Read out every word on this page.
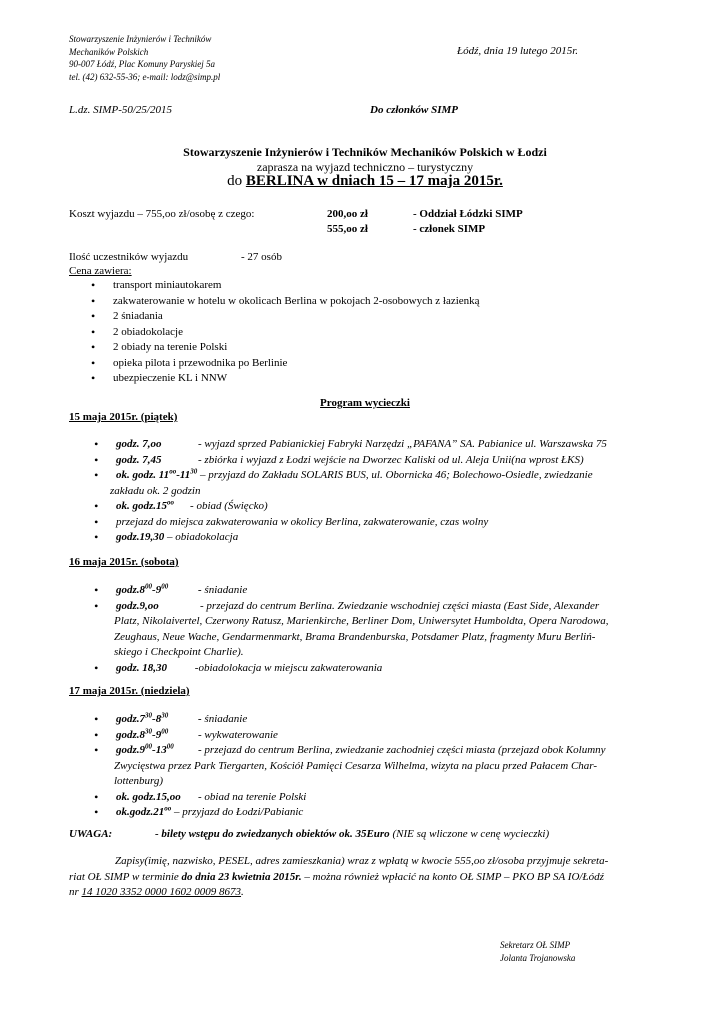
Stowarzyszenie Inżynierów i Techników
Mechaników Polskich
90-007 Łódź, Plac Komuny Paryskiej 5a
tel. (42) 632-55-36; e-mail: lodz@simp.pl
Łódź, dnia 19 lutego 2015r.
L.dz. SIMP-50/25/2015	Do członków SIMP
Stowarzyszenie Inżynierów i Techników Mechaników Polskich w Łodzi
zaprasza na wyjazd techniczno – turystyczny
do BERLINA w dniach 15 – 17 maja 2015r.
Koszt wyjazdu – 755,oo zł/osobę z czego:	200,oo zł	- Oddział Łódzki SIMP
555,oo zł	- członek SIMP
Ilość uczestników wyjazdu	- 27 osób
Cena zawiera:
• transport miniautokarem
• zakwaterowanie w hotelu w okolicach Berlina w pokojach 2-osobowych z łazienką
• 2 śniadania
• 2 obiadokolacje
• 2 obiady na terenie Polski
• opieka pilota i przewodnika po Berlinie
• ubezpieczenie KL i NNW
Program wycieczki
15 maja 2015r. (piątek)
• godz. 7,oo	- wyjazd sprzed Pabianickiej Fabryki Narzędzi „PAFANA” SA. Pabianice ul. Warszawska 75
• godz. 7,45	- zbiórka i wyjazd z Łodzi wejście na Dworzec Kaliski od ul. Aleja Unii(na wprost ŁKS)
• ok. godz. $11^{oo}-11^{30}$ – przyjazd do Zakładu SOLARIS BUS, ul. Obornicka 46; Bolechowo-Osiedle, zwiedzanie
zakładu ok. 2 godzin
• ok. $godz.15^{oo}$ - obiad (Święcko)
• przejazd do miejsca zakwaterowania w okolicy Berlina, zakwaterowanie, czas wolny
• godz.19,30 – obiadokolacja
16 maja 2015r. (sobota)
• $godz.8^{00}-9^{00}$	- śniadanie
• godz.9,oo	- przejazd do centrum Berlina. Zwiedzanie wschodniej części miasta (East Side, Alexander
Platz, Nikolaivertel, Czerwony Ratusz, Marienkirche, Berliner Dom, Uniwersytet Humboldta, Opera Narodowa,
Zeughaus, Neue Wache, Gendarmenmarkt, Brama Brandenburska, Potsdamer Platz, fragmenty Muru Berliń-
skiego i Checkpoint Charlie).
• godz. 18,30	-obiadolokacja w miejscu zakwaterowania
17 maja 2015r. (niedziela)
• $godz.7^{30}-8^{30}$	- śniadanie
• $godz.8^{30}-9^{00}$	- wykwaterowanie
• $godz.9^{00}-13^{00}$ - przejazd do centrum Berlina, zwiedzanie zachodniej części miasta (przejazd obok Kolumny
Zwycięstwa przez Park Tiergarten, Kościół Pamięci Cesarza Wilhelma, wizyta na placu przed Pałacem Char-
lottenburg)
• ok. godz.15,oo - obiad na terenie Polski
• $ok.godz.21^{oo}$ – przyjazd do Łodzi/Pabianic
UWAGA:	- bilety wstępu do zwiedzanych obiektów ok. 35Euro (NIE są wliczone w cenę wycieczki)
Zapisy(imię, nazwisko, PESEL, adres zamieszkania) wraz z wpłatą w kwocie 555,oo zł/osoba przyjmuje sekreta-
riat OŁ SIMP w terminie do dnia 23 kwietnia 2015r. – można również wpłacić na konto OŁ SIMP – PKO BP SA IO/Łódź
nr 14 1020 3352 0000 1602 0009 8673.
Sekretarz OŁ SIMP
Jolanta Trojanowska
